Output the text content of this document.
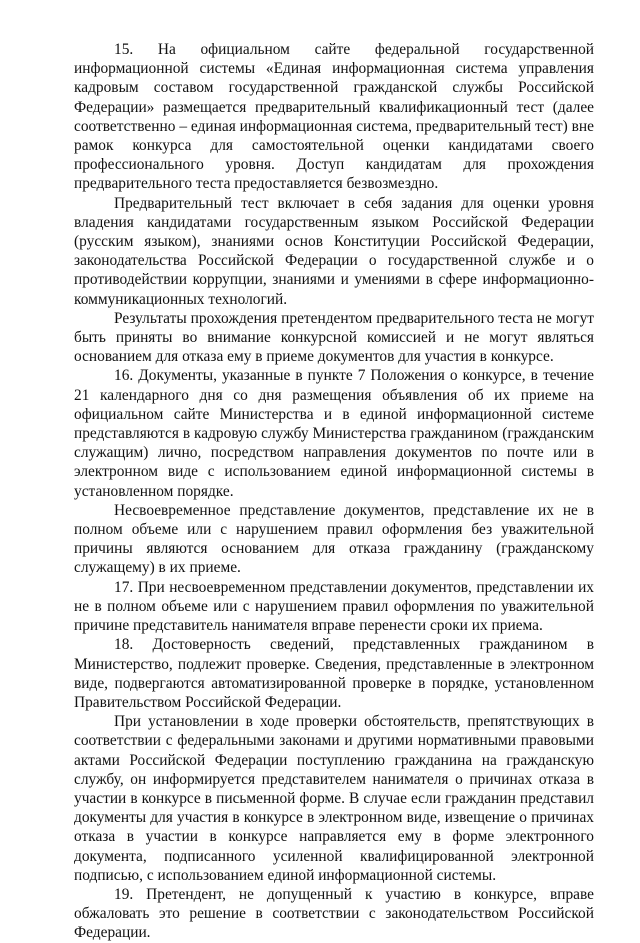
15. На официальном сайте федеральной государственной информационной системы «Единая информационная система управления кадровым составом государственной гражданской службы Российской Федерации» размещается предварительный квалификационный тест (далее соответственно – единая информационная система, предварительный тест) вне рамок конкурса для самостоятельной оценки кандидатами своего профессионального уровня. Доступ кандидатам для прохождения предварительного теста предоставляется безвозмездно.

Предварительный тест включает в себя задания для оценки уровня владения кандидатами государственным языком Российской Федерации (русским языком), знаниями основ Конституции Российской Федерации, законодательства Российской Федерации о государственной службе и о противодействии коррупции, знаниями и умениями в сфере информационно-коммуникационных технологий.

Результаты прохождения претендентом предварительного теста не могут быть приняты во внимание конкурсной комиссией и не могут являться основанием для отказа ему в приеме документов для участия в конкурсе.

16. Документы, указанные в пункте 7 Положения о конкурсе, в течение 21 календарного дня со дня размещения объявления об их приеме на официальном сайте Министерства и в единой информационной системе представляются в кадровую службу Министерства гражданином (гражданским служащим) лично, посредством направления документов по почте или в электронном виде с использованием единой информационной системы в установленном порядке.

Несвоевременное представление документов, представление их не в полном объеме или с нарушением правил оформления без уважительной причины являются основанием для отказа гражданину (гражданскому служащему) в их приеме.

17. При несвоевременном представлении документов, представлении их не в полном объеме или с нарушением правил оформления по уважительной причине представитель нанимателя вправе перенести сроки их приема.

18. Достоверность сведений, представленных гражданином в Министерство, подлежит проверке. Сведения, представленные в электронном виде, подвергаются автоматизированной проверке в порядке, установленном Правительством Российской Федерации.

При установлении в ходе проверки обстоятельств, препятствующих в соответствии с федеральными законами и другими нормативными правовыми актами Российской Федерации поступлению гражданина на гражданскую службу, он информируется представителем нанимателя о причинах отказа в участии в конкурсе в письменной форме. В случае если гражданин представил документы для участия в конкурсе в электронном виде, извещение о причинах отказа в участии в конкурсе направляется ему в форме электронного документа, подписанного усиленной квалифицированной электронной подписью, с использованием единой информационной системы.

19. Претендент, не допущенный к участию в конкурсе, вправе обжаловать это решение в соответствии с законодательством Российской Федерации.
